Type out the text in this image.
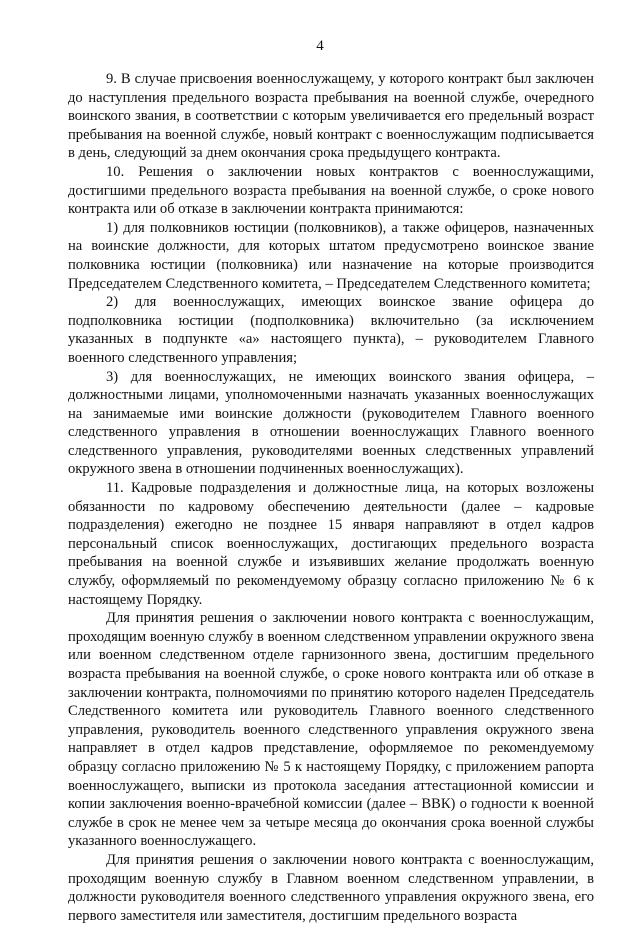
4

9. В случае присвоения военнослужащему, у которого контракт был заключен до наступления предельного возраста пребывания на военной службе, очередного воинского звания, в соответствии с которым увеличивается его предельный возраст пребывания на военной службе, новый контракт с военнослужащим подписывается в день, следующий за днем окончания срока предыдущего контракта.

10. Решения о заключении новых контрактов с военнослужащими, достигшими предельного возраста пребывания на военной службе, о сроке нового контракта или об отказе в заключении контракта принимаются:

1) для полковников юстиции (полковников), а также офицеров, назначенных на воинские должности, для которых штатом предусмотрено воинское звание полковника юстиции (полковника) или назначение на которые производится Председателем Следственного комитета, – Председателем Следственного комитета;

2) для военнослужащих, имеющих воинское звание офицера до подполковника юстиции (подполковника) включительно (за исключением указанных в подпункте «а» настоящего пункта), – руководителем Главного военного следственного управления;

3) для военнослужащих, не имеющих воинского звания офицера, – должностными лицами, уполномоченными назначать указанных военнослужащих на занимаемые ими воинские должности (руководителем Главного военного следственного управления в отношении военнослужащих Главного военного следственного управления, руководителями военных следственных управлений окружного звена в отношении подчиненных военнослужащих).

11. Кадровые подразделения и должностные лица, на которых возложены обязанности по кадровому обеспечению деятельности (далее – кадровые подразделения) ежегодно не позднее 15 января направляют в отдел кадров персональный список военнослужащих, достигающих предельного возраста пребывания на военной службе и изъявивших желание продолжать военную службу, оформляемый по рекомендуемому образцу согласно приложению № 6 к настоящему Порядку.

Для принятия решения о заключении нового контракта с военнослужащим, проходящим военную службу в военном следственном управлении окружного звена или военном следственном отделе гарнизонного звена, достигшим предельного возраста пребывания на военной службе, о сроке нового контракта или об отказе в заключении контракта, полномочиями по принятию которого наделен Председатель Следственного комитета или руководитель Главного военного следственного управления, руководитель военного следственного управления окружного звена направляет в отдел кадров представление, оформляемое по рекомендуемому образцу согласно приложению № 5 к настоящему Порядку, с приложением рапорта военнослужащего, выписки из протокола заседания аттестационной комиссии и копии заключения военно-врачебной комиссии (далее – ВВК) о годности к военной службе в срок не менее чем за четыре месяца до окончания срока военной службы указанного военнослужащего.

Для принятия решения о заключении нового контракта с военнослужащим, проходящим военную службу в Главном военном следственном управлении, в должности руководителя военного следственного управления окружного звена, его первого заместителя или заместителя, достигшим предельного возраста
